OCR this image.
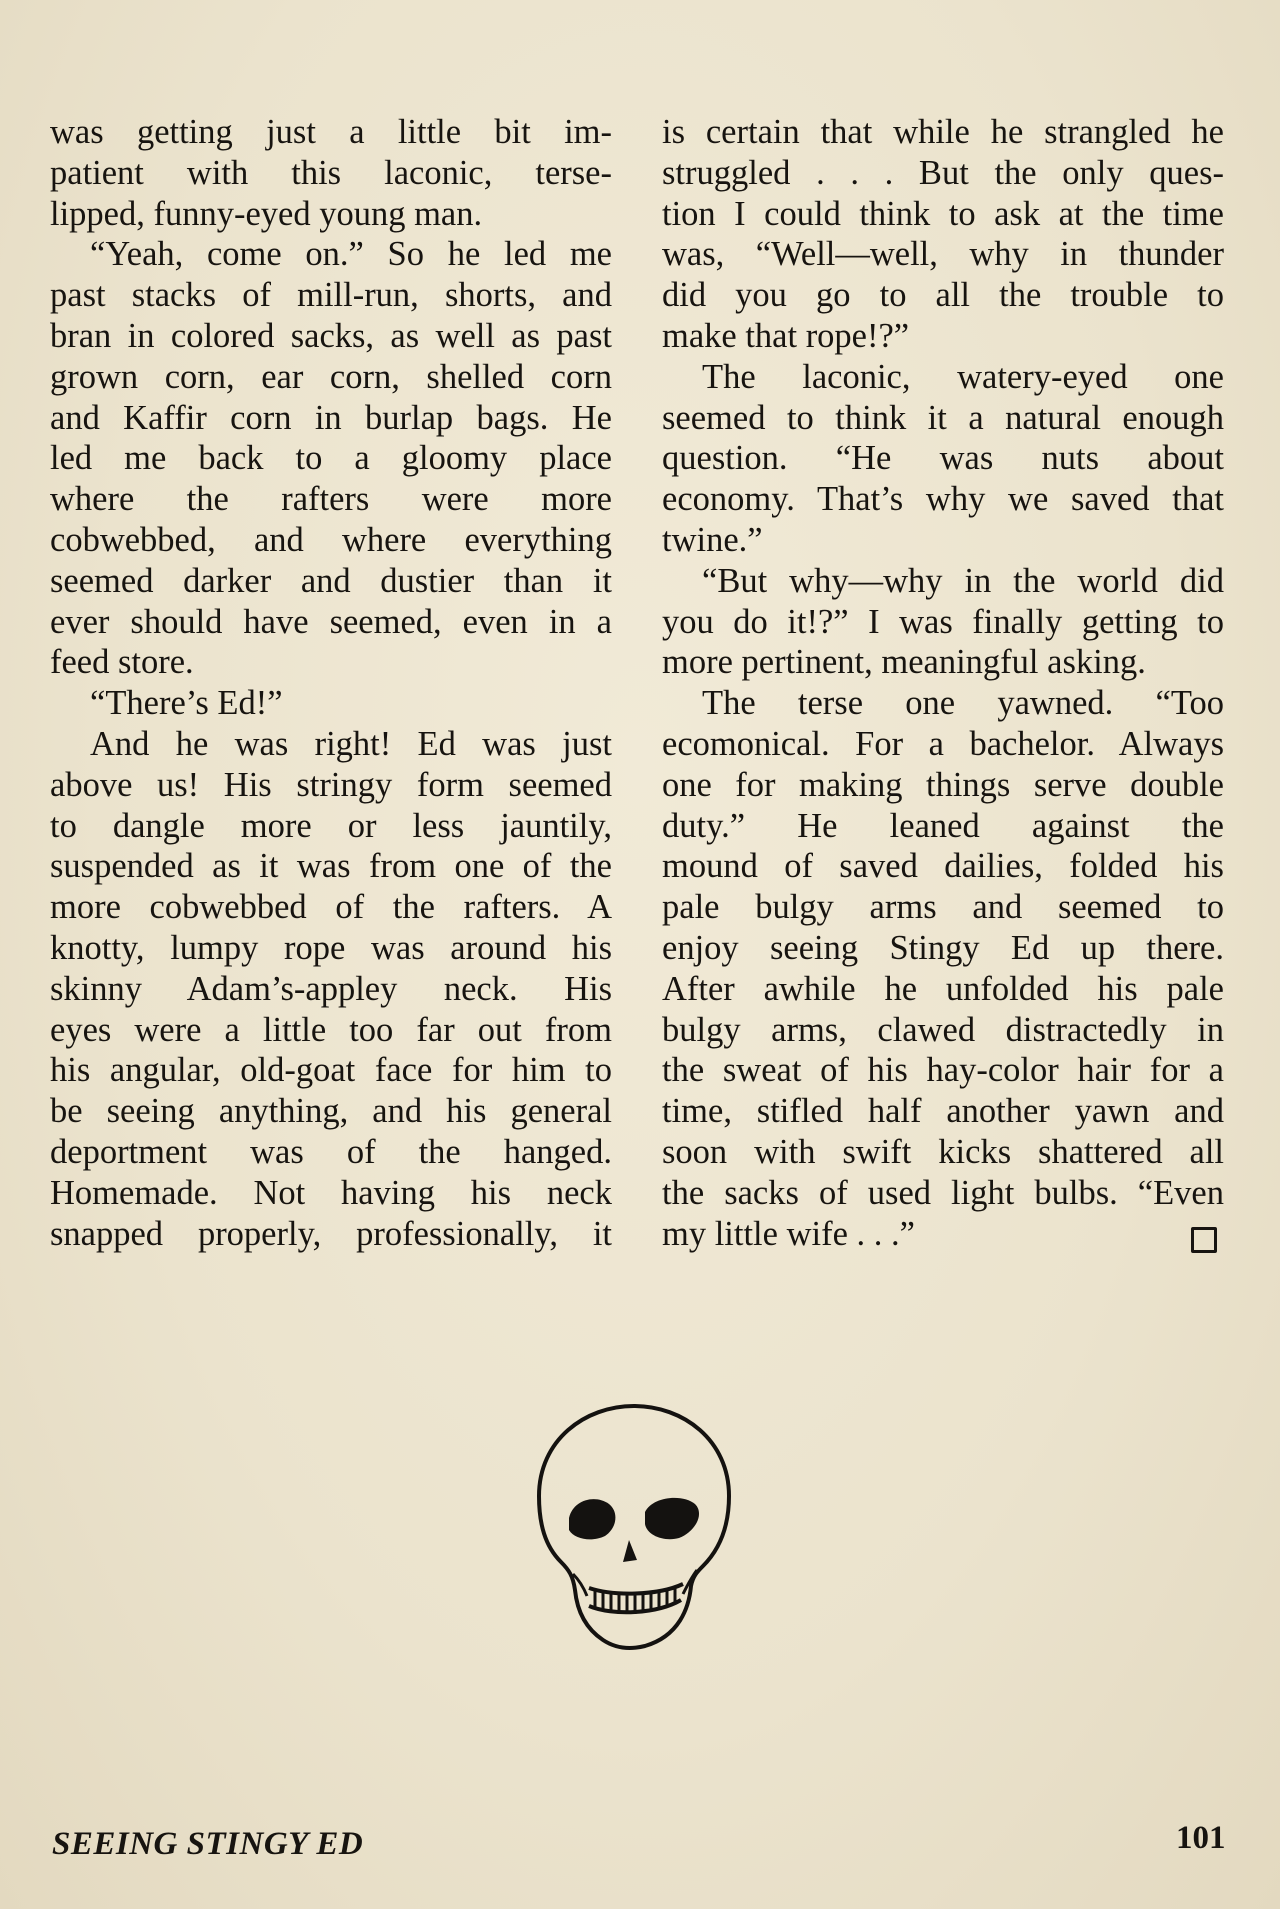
was getting just a little bit im-
patient with this laconic, terse-
lipped, funny-eyed young man.
“Yeah, come on.” So he led me
past stacks of mill-run, shorts, and
bran in colored sacks, as well as past
grown corn, ear corn, shelled corn
and Kaffir corn in burlap bags. He
led me back to a gloomy place
where the rafters were more
cobwebbed, and where everything
seemed darker and dustier than it
ever should have seemed, even in a
feed store.
“There’s Ed!”
And he was right! Ed was just
above us! His stringy form seemed
to dangle more or less jauntily,
suspended as it was from one of the
more cobwebbed of the rafters. A
knotty, lumpy rope was around his
skinny Adam’s-appley neck. His
eyes were a little too far out from
his angular, old-goat face for him to
be seeing anything, and his general
deportment was of the hanged.
Homemade. Not having his neck
snapped properly, professionally, it
is certain that while he strangled he
struggled . . . But the only ques-
tion I could think to ask at the time
was, “Well—well, why in thunder
did you go to all the trouble to
make that rope!?”
The laconic, watery-eyed one
seemed to think it a natural enough
question. “He was nuts about
economy. That’s why we saved that
twine.”
“But why—why in the world did
you do it!?” I was finally getting to
more pertinent, meaningful asking.
The terse one yawned. “Too
ecomonical. For a bachelor. Always
one for making things serve double
duty.” He leaned against the
mound of saved dailies, folded his
pale bulgy arms and seemed to
enjoy seeing Stingy Ed up there.
After awhile he unfolded his pale
bulgy arms, clawed distractedly in
the sweat of his hay-color hair for a
time, stifled half another yawn and
soon with swift kicks shattered all
the sacks of used light bulbs. “Even
my little wife . . .”
SEEING STINGY ED	101
